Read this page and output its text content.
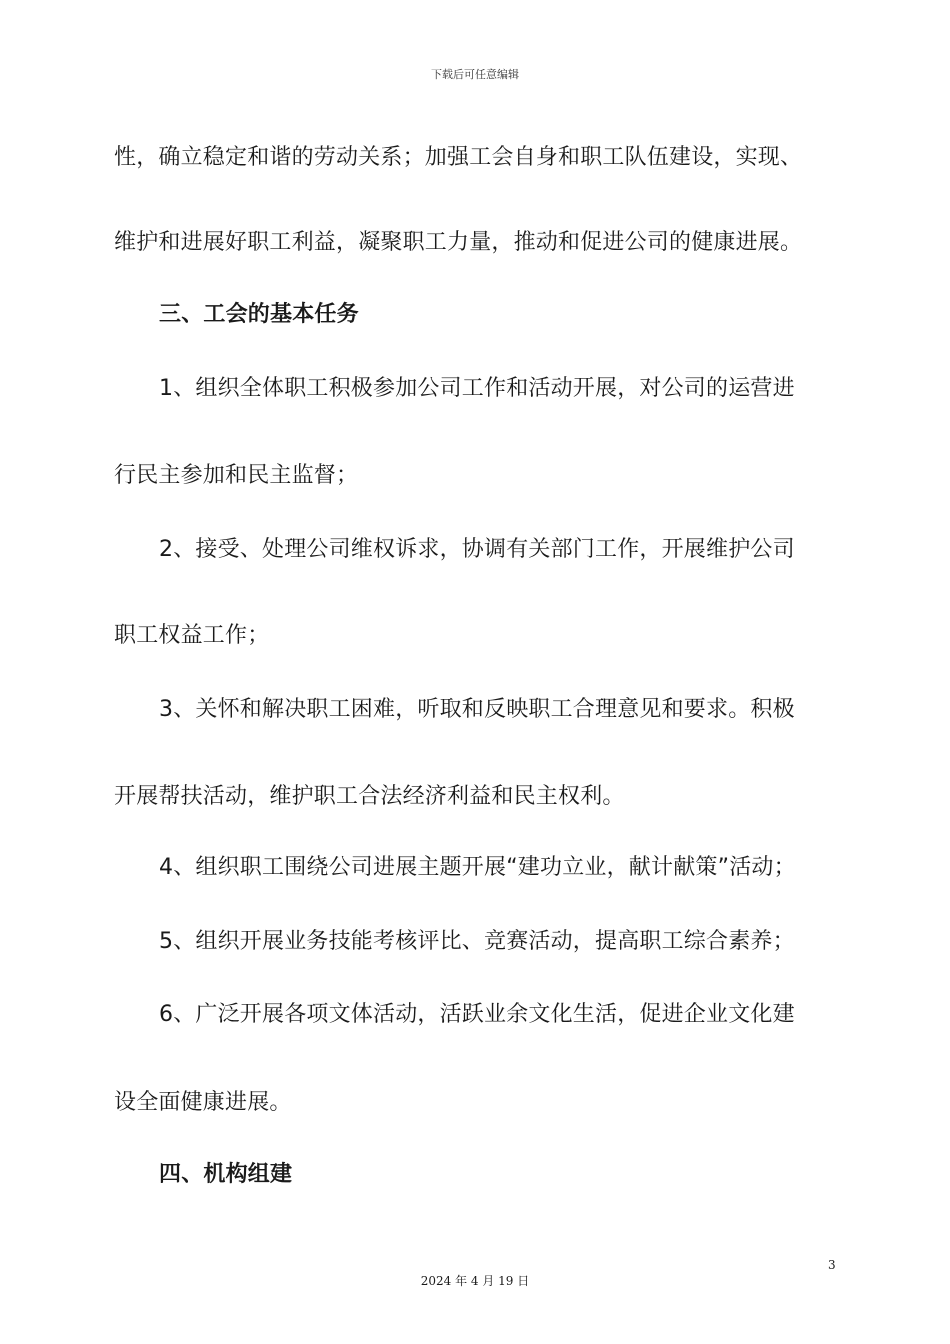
下载后可任意编辑
性，确立稳定和谐的劳动关系；加强工会自身和职工队伍建设，实现、
维护和进展好职工利益，凝聚职工力量，推动和促进公司的健康进展。
三、工会的基本任务
1、组织全体职工积极参加公司工作和活动开展，对公司的运营进
行民主参加和民主监督；
2、接受、处理公司维权诉求，协调有关部门工作，开展维护公司
职工权益工作；
3、关怀和解决职工困难，听取和反映职工合理意见和要求。积极
开展帮扶活动，维护职工合法经济利益和民主权利。
4、组织职工围绕公司进展主题开展“建功立业，献计献策”活动；
5、组织开展业务技能考核评比、竞赛活动，提高职工综合素养；
6、广泛开展各项文体活动，活跃业余文化生活，促进企业文化建
设全面健康进展。
四、机构组建
3
2024 年 4 月 19 日
